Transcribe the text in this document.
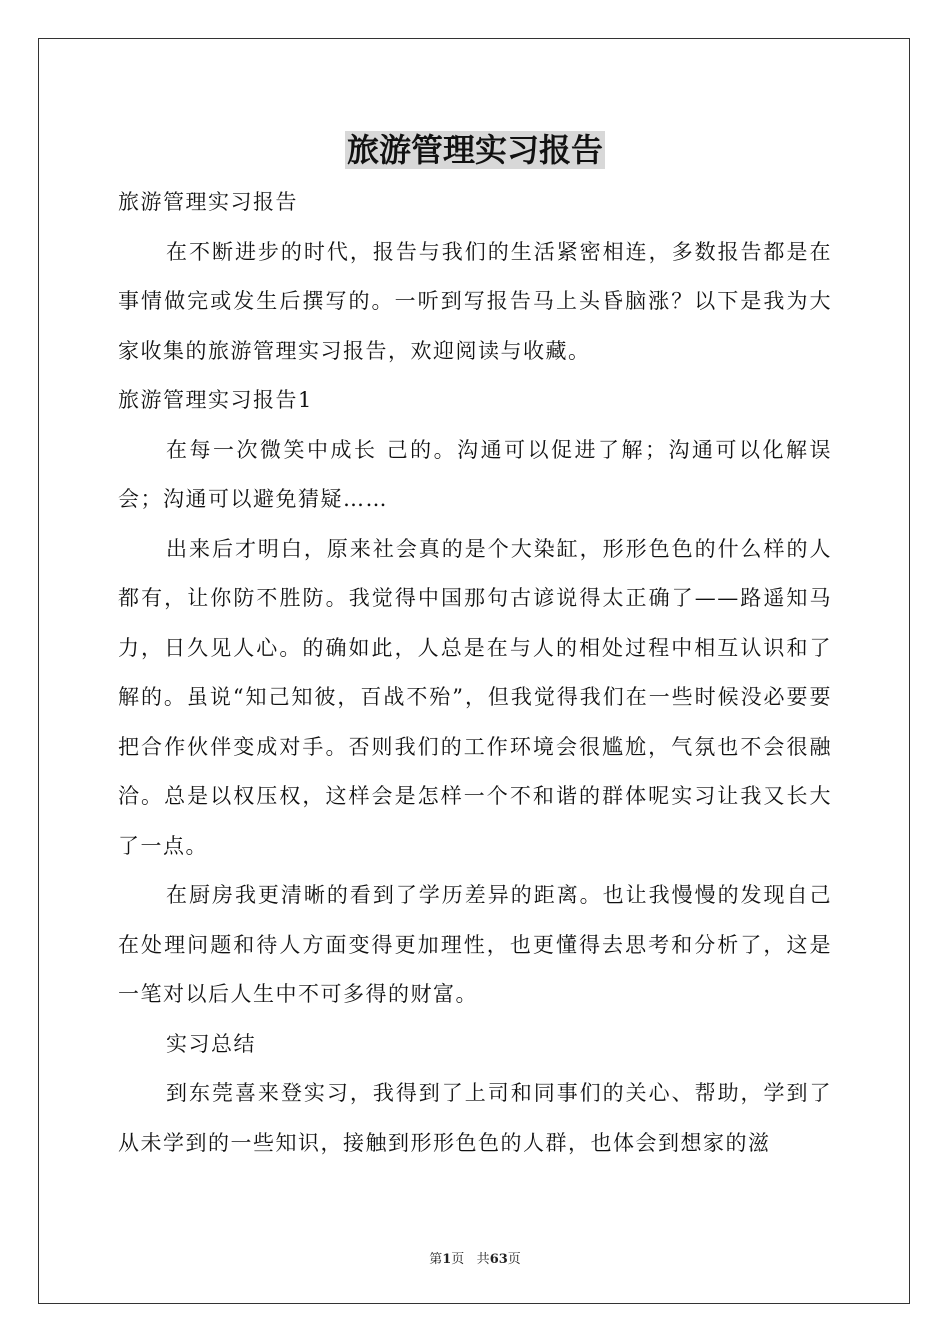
旅游管理实习报告

旅游管理实习报告

在不断进步的时代，报告与我们的生活紧密相连，多数报告都是在事情做完或发生后撰写的。一听到写报告马上头昏脑涨？以下是我为大家收集的旅游管理实习报告，欢迎阅读与收藏。

旅游管理实习报告1

在每一次微笑中成长 己的。沟通可以促进了解；沟通可以化解误会；沟通可以避免猜疑……

出来后才明白，原来社会真的是个大染缸，形形色色的什么样的人都有，让你防不胜防。我觉得中国那句古谚说得太正确了——路遥知马力，日久见人心。的确如此，人总是在与人的相处过程中相互认识和了解的。虽说“知己知彼，百战不殆”，但我觉得我们在一些时候没必要要把合作伙伴变成对手。否则我们的工作环境会很尴尬，气氛也不会很融洽。总是以权压权，这样会是怎样一个不和谐的群体呢实习让我又长大了一点。

在厨房我更清晰的看到了学历差异的距离。也让我慢慢的发现自己在处理问题和待人方面变得更加理性，也更懂得去思考和分析了，这是一笔对以后人生中不可多得的财富。

实习总结

到东莞喜来登实习，我得到了上司和同事们的关心、帮助，学到了从未学到的一些知识，接触到形形色色的人群，也体会到想家的滋

第1页 共63页
